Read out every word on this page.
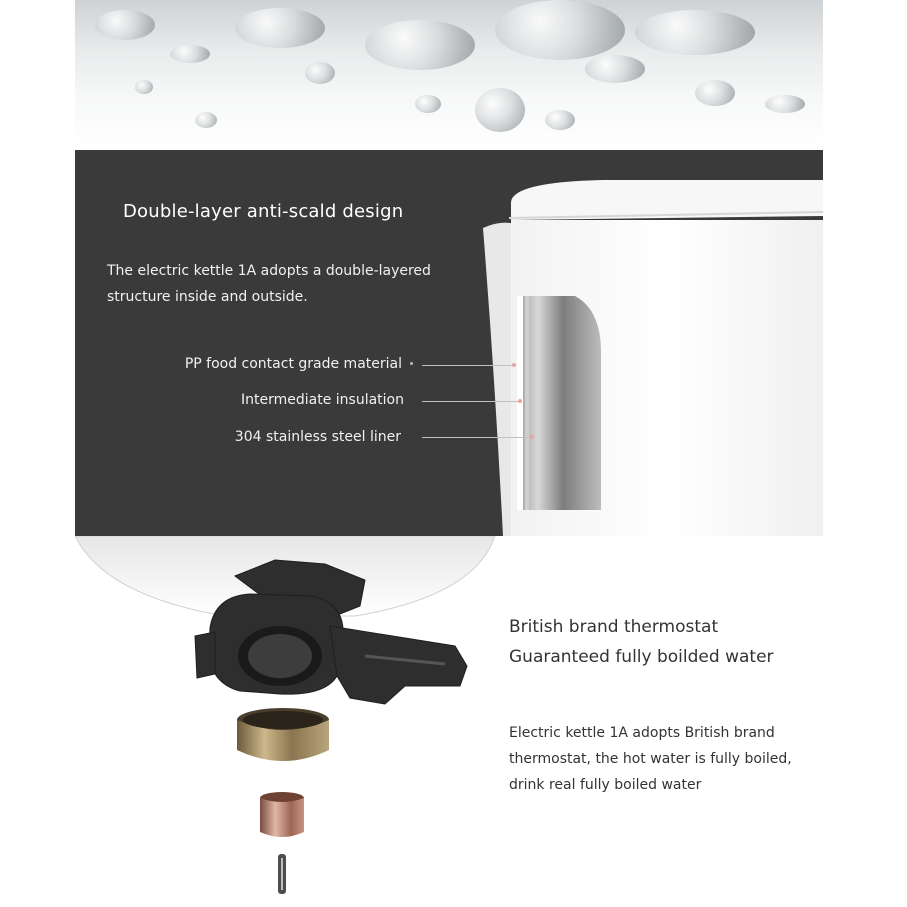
Double-layer anti-scald design
The electric kettle 1A adopts a double-layered
structure inside and outside.
PP food contact grade material
Intermediate insulation
304 stainless steel liner
British brand thermostat
Guaranteed fully boilded water
Electric kettle 1A adopts British brand
thermostat, the hot water is fully boiled,
drink real fully boiled water
